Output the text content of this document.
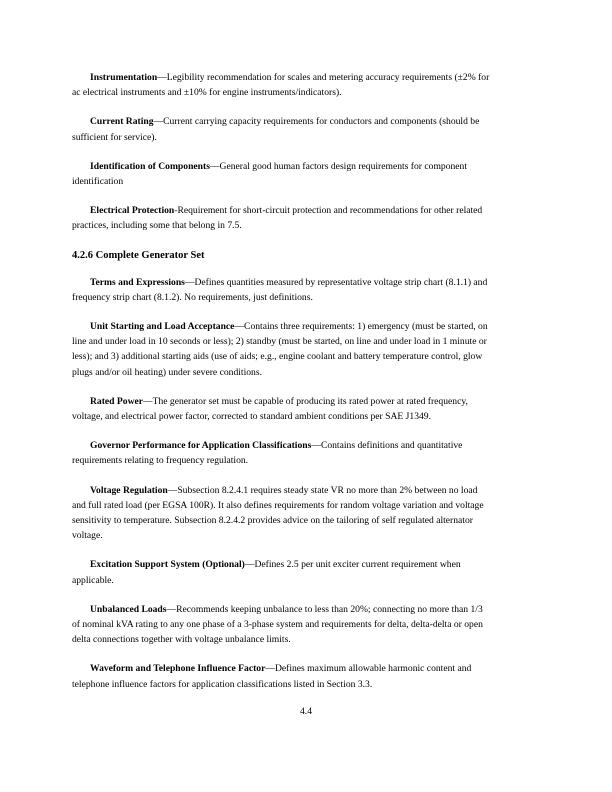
Instrumentation—Legibility recommendation for scales and metering accuracy requirements (±2% for ac electrical instruments and ±10% for engine instruments/indicators).

Current Rating—Current carrying capacity requirements for conductors and components (should be sufficient for service).

Identification of Components—General good human factors design requirements for component identification

Electrical Protection-Requirement for short-circuit protection and recommendations for other related practices, including some that belong in 7.5.

4.2.6 Complete Generator Set

Terms and Expressions—Defines quantities measured by representative voltage strip chart (8.1.1) and frequency strip chart (8.1.2). No requirements, just definitions.

Unit Starting and Load Acceptance—Contains three requirements: 1) emergency (must be started, on line and under load in 10 seconds or less); 2) standby (must be started, on line and under load in 1 minute or less); and 3) additional starting aids (use of aids; e.g., engine coolant and battery temperature control, glow plugs and/or oil heating) under severe conditions.

Rated Power—The generator set must be capable of producing its rated power at rated frequency, voltage, and electrical power factor, corrected to standard ambient conditions per SAE J1349.

Governor Performance for Application Classifications—Contains definitions and quantitative requirements relating to frequency regulation.

Voltage Regulation—Subsection 8.2.4.1 requires steady state VR no more than 2% between no load and full rated load (per EGSA 100R). It also defines requirements for random voltage variation and voltage sensitivity to temperature. Subsection 8.2.4.2 provides advice on the tailoring of self regulated alternator voltage.

Excitation Support System (Optional)—Defines 2.5 per unit exciter current requirement when applicable.

Unbalanced Loads—Recommends keeping unbalance to less than 20%; connecting no more than 1/3 of nominal kVA rating to any one phase of a 3-phase system and requirements for delta, delta-delta or open delta connections together with voltage unbalance limits.

Waveform and Telephone Influence Factor—Defines maximum allowable harmonic content and telephone influence factors for application classifications listed in Section 3.3.

4.4
